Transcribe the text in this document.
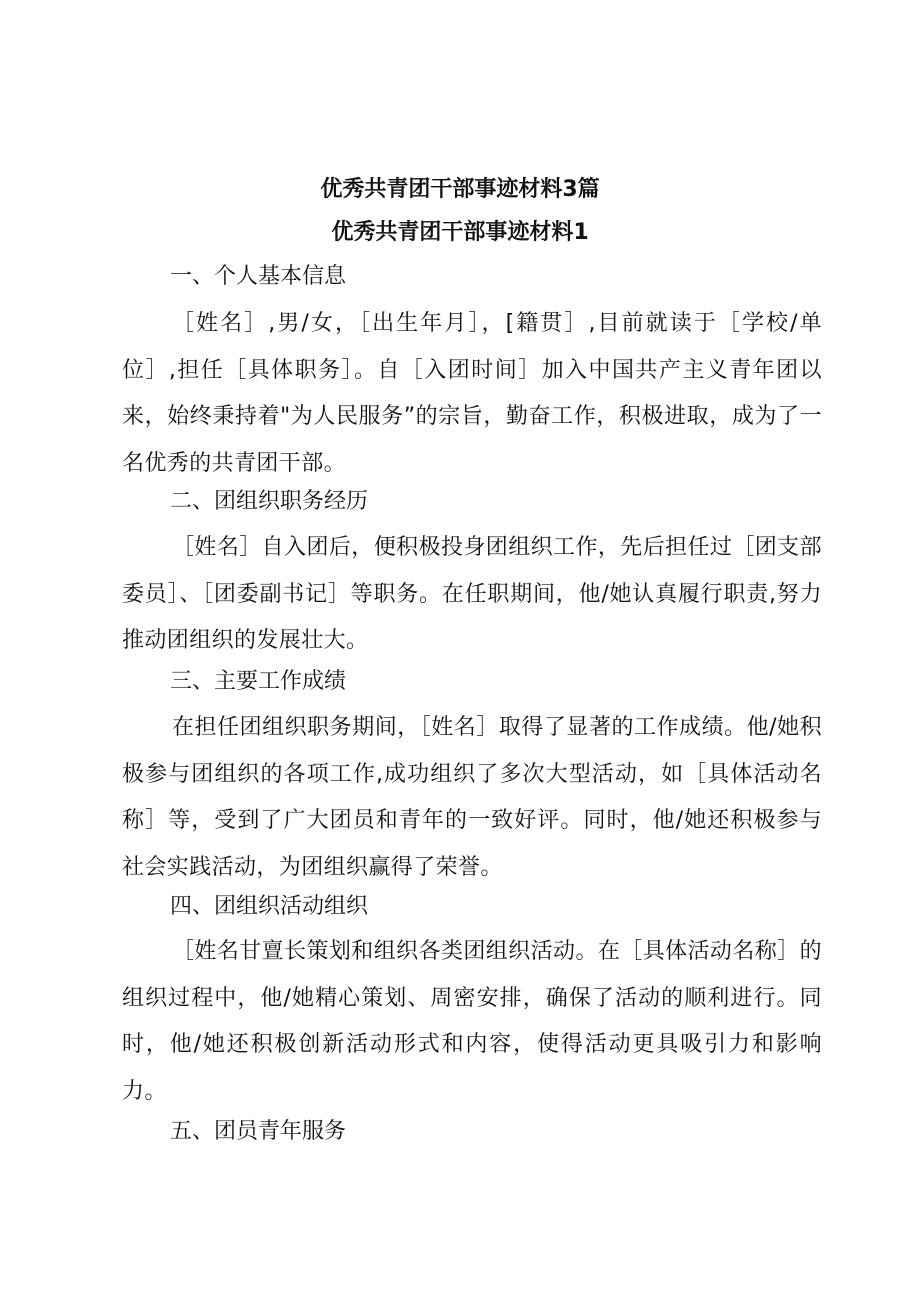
优秀共青团干部事迹材料3篇
优秀共青团干部事迹材料1
一、个人基本信息
［姓名］,男/女，［出生年月］，[籍贯］,目前就读于［学校/单位］,担任［具体职务］。自［入团时间］加入中国共产主义青年团以来，始终秉持着"为人民服务”的宗旨，勤奋工作，积极进取，成为了一名优秀的共青团干部。
二、团组织职务经历
［姓名］自入团后，便积极投身团组织工作，先后担任过［团支部委员］、［团委副书记］等职务。在任职期间，他/她认真履行职责,努力推动团组织的发展壮大。
三、主要工作成绩
在担任团组织职务期间，［姓名］取得了显著的工作成绩。他/她积极参与团组织的各项工作,成功组织了多次大型活动，如［具体活动名称］等，受到了广大团员和青年的一致好评。同时，他/她还积极参与社会实践活动，为团组织赢得了荣誉。
四、团组织活动组织
［姓名甘亶长策划和组织各类团组织活动。在［具体活动名称］的组织过程中，他/她精心策划、周密安排，确保了活动的顺利进行。同时，他/她还积极创新活动形式和内容，使得活动更具吸引力和影响力。
五、团员青年服务
